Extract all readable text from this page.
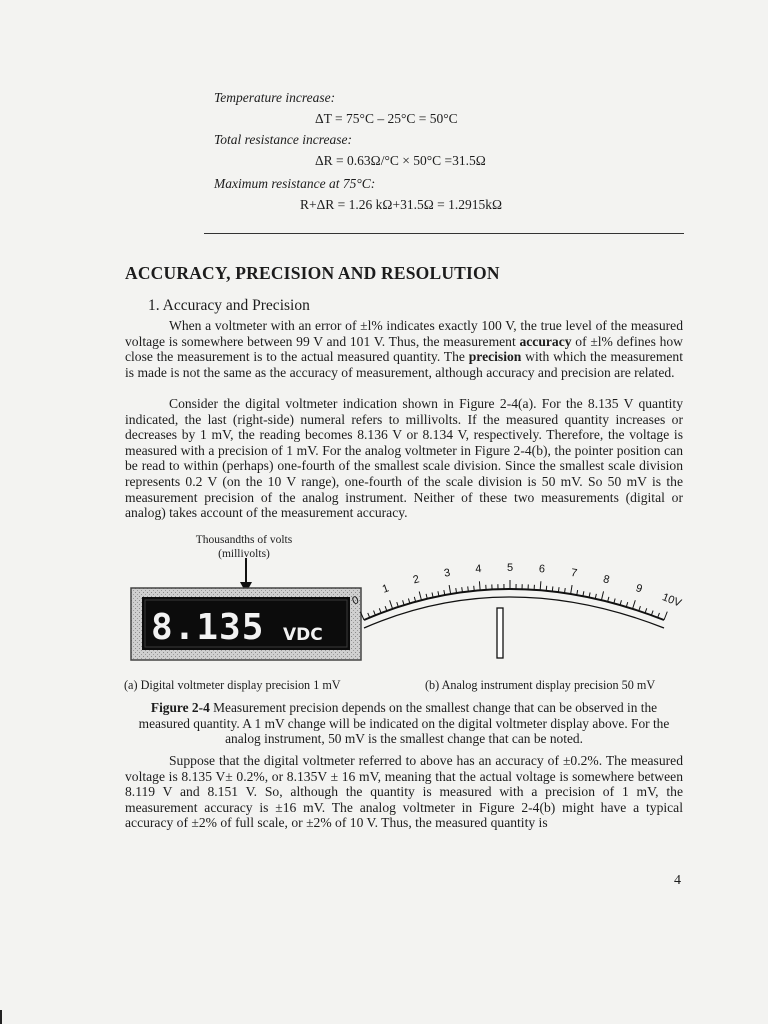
Temperature increase:
ΔT = 75°C – 25°C = 50°C
Total resistance increase:
ΔR = 0.63Ω/°C × 50°C =31.5Ω
Maximum resistance at 75°C:
R+ΔR = 1.26 kΩ+31.5Ω = 1.2915kΩ
ACCURACY, PRECISION AND RESOLUTION
1. Accuracy and Precision
When a voltmeter with an error of ±l% indicates exactly 100 V, the true level of the measured voltage is somewhere between 99 V and 101 V. Thus, the measurement accuracy of ±l% defines how close the measurement is to the actual measured quantity. The precision with which the measurement is made is not the same as the accuracy of measurement, although accuracy and precision are related.
Consider the digital voltmeter indication shown in Figure 2-4(a). For the 8.135 V quantity indicated, the last (right-side) numeral refers to millivolts. If the measured quantity increases or decreases by 1 mV, the reading becomes 8.136 V or 8.134 V, respectively. Therefore, the voltage is measured with a precision of 1 mV. For the analog voltmeter in Figure 2-4(b), the pointer position can be read to within (perhaps) one-fourth of the smallest scale division. Since the smallest scale division represents 0.2 V (on the 10 V range), one-fourth of the scale division is 50 mV. So 50 mV is the measurement precision of the analog instrument. Neither of these two measurements (digital or analog) takes account of the measurement accuracy.
Thousandths of volts
(millivolts)
8.135 VDC
0
1
2 3 4 5 6 7 8
9
10V
(a) Digital voltmeter display precision 1 mV	(b) Analog instrument display precision 50 mV
Figure 2-4 Measurement precision depends on the smallest change that can be observed in the measured quantity. A 1 mV change will be indicated on the digital voltmeter display above. For the analog instrument, 50 mV is the smallest change that can be noted.
Suppose that the digital voltmeter referred to above has an accuracy of ±0.2%. The measured voltage is 8.135 V± 0.2%, or 8.135V ± 16 mV, meaning that the actual voltage is somewhere between 8.119 V and 8.151 V. So, although the quantity is measured with a precision of 1 mV, the measurement accuracy is ±16 mV. The analog voltmeter in Figure 2-4(b) might have a typical accuracy of ±2% of full scale, or ±2% of 10 V. Thus, the measured quantity is
4
